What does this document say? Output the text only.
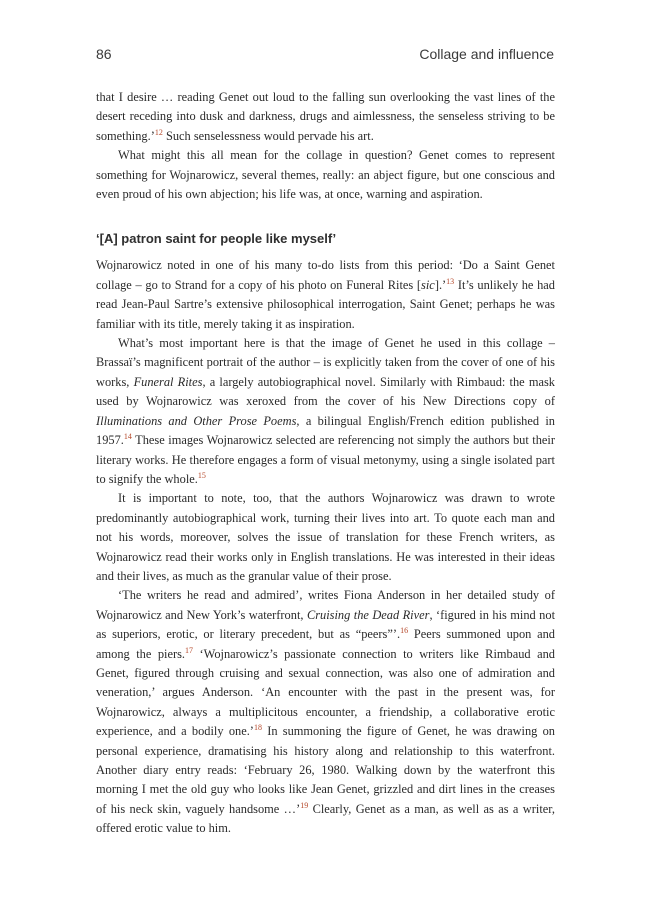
86	Collage and influence

that I desire … reading Genet out loud to the falling sun overlooking the vast lines of the desert receding into dusk and darkness, drugs and aimlessness, the senseless striving to be something.’$^{12}$ Such senselessness would pervade his art.

What might this all mean for the collage in question? Genet comes to represent something for Wojnarowicz, several themes, really: an abject figure, but one conscious and even proud of his own abjection; his life was, at once, warning and aspiration.

‘[A] patron saint for people like myself’

Wojnarowicz noted in one of his many to-do lists from this period: ‘Do a Saint Genet collage – go to Strand for a copy of his photo on Funeral Rites [sic].’$^{13}$ It’s unlikely he had read Jean-Paul Sartre’s extensive philosophical interrogation, Saint Genet; perhaps he was familiar with its title, merely taking it as inspiration.

What’s most important here is that the image of Genet he used in this collage – Brassaï’s magnificent portrait of the author – is explicitly taken from the cover of one of his works, Funeral Rites, a largely autobiographical novel. Similarly with Rimbaud: the mask used by Wojnarowicz was xeroxed from the cover of his New Directions copy of Illuminations and Other Prose Poems, a bilingual English/French edition published in 1957.14 These images Wojnarowicz selected are referencing not simply the authors but their literary works. He therefore engages a form of visual metonymy, using a single isolated part to signify the whole.$^{15}$

It is important to note, too, that the authors Wojnarowicz was drawn to wrote predominantly autobiographical work, turning their lives into art. To quote each man and not his words, moreover, solves the issue of translation for these French writers, as Wojnarowicz read their works only in English translations. He was interested in their ideas and their lives, as much as the granular value of their prose.

‘The writers he read and admired’, writes Fiona Anderson in her detailed study of Wojnarowicz and New York’s waterfront, Cruising the Dead River, ‘figured in his mind not as superiors, erotic, or literary precedent, but as “peers”’.$^{16}$ Peers summoned upon and among the piers.$^{17}$ ‘Wojnarowicz’s passionate connection to writers like Rimbaud and Genet, figured through cruising and sexual connection, was also one of admiration and veneration,’ argues Anderson. ‘An encounter with the past in the present was, for Wojnarowicz, always a multiplicitous encounter, a friendship, a collaborative erotic experience, and a bodily one.’$^{18}$ In summoning the figure of Genet, he was drawing on personal experience, dramatising his history along and relationship to this waterfront. Another diary entry reads: ‘February 26, 1980. Walking down by the waterfront this morning I met the old guy who looks like Jean Genet, grizzled and dirt lines in the creases of his neck skin, vaguely handsome …’$^{19}$ Clearly, Genet as a man, as well as as a writer, offered erotic value to him.
